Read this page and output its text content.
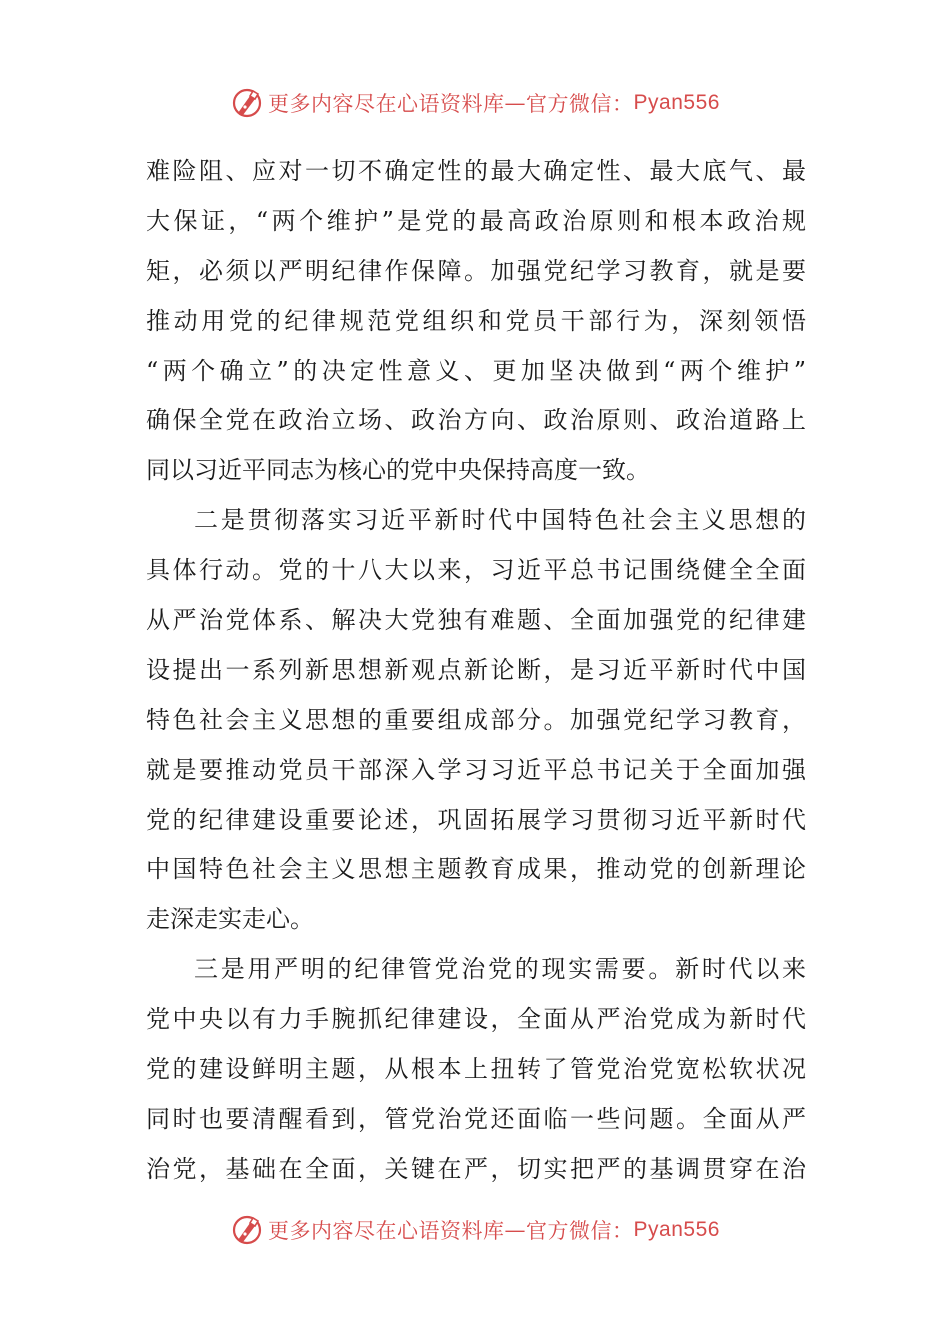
更多内容尽在心语资料库 — 官方微信： Pyan556
难险阻、应对一切不确定性的最大确定性、最大底气、最
大保证，“两个维护”是党的最高政治原则和根本政治规
矩，必须以严明纪律作保障。加强党纪学习教育，就是要
推动用党的纪律规范党组织和党员干部行为，深刻领悟
“两个确立”的决定性意义、更加坚决做到“两个维护”
确保全党在政治立场、政治方向、政治原则、政治道路上
同以习近平同志为核心的党中央保持高度一致。
二是贯彻落实习近平新时代中国特色社会主义思想的
具体行动。党的十八大以来，习近平总书记围绕健全全面
从严治党体系、解决大党独有难题、全面加强党的纪律建
设提出一系列新思想新观点新论断，是习近平新时代中国
特色社会主义思想的重要组成部分。加强党纪学习教育，
就是要推动党员干部深入学习习近平总书记关于全面加强
党的纪律建设重要论述，巩固拓展学习贯彻习近平新时代
中国特色社会主义思想主题教育成果，推动党的创新理论
走深走实走心。
三是用严明的纪律管党治党的现实需要。新时代以来
党中央以有力手腕抓纪律建设，全面从严治党成为新时代
党的建设鲜明主题，从根本上扭转了管党治党宽松软状况
同时也要清醒看到，管党治党还面临一些问题。全面从严
治党，基础在全面，关键在严，切实把严的基调贯穿在治
更多内容尽在心语资料库 — 官方微信： Pyan556
